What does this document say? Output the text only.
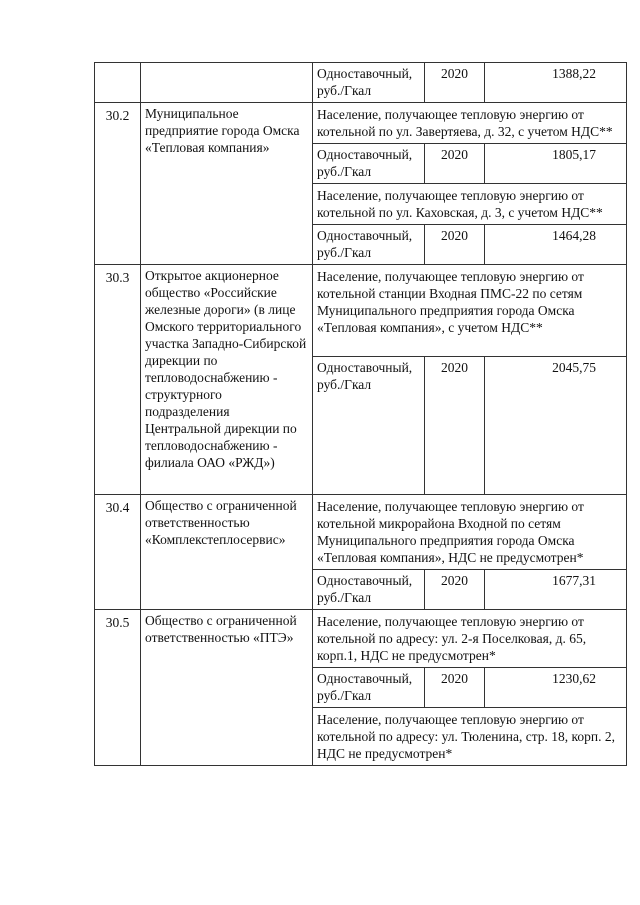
		Одноставочный, руб./Гкал	2020	1388,22
30.2	Муниципальное предприятие города Омска «Тепловая компания»	Население, получающее тепловую энергию от котельной по ул. Завертяева, д. 32, с учетом НДС**		
		Одноставочный, руб./Гкал	2020	1805,17
		Население, получающее тепловую энергию от котельной по ул. Каховская, д. 3, с учетом НДС**		
		Одноставочный, руб./Гкал	2020	1464,28
30.3	Открытое акционерное общество «Российские железные дороги» (в лице Омского территориального участка Западно-Сибирской дирекции по тепловодоснабжению - структурного подразделения Центральной дирекции по тепловодоснабжению - филиала ОАО «РЖД»)	Население, получающее тепловую энергию от котельной станции Входная ПМС-22 по сетям Муниципального предприятия города Омска «Тепловая компания», с учетом НДС**		
		Одноставочный, руб./Гкал	2020	2045,75
30.4	Общество с ограниченной ответственностью «Комплекстеплосервис»	Население, получающее тепловую энергию от котельной микрорайона Входной по сетям Муниципального предприятия города Омска «Тепловая компания», НДС не предусмотрен*		
		Одноставочный, руб./Гкал	2020	1677,31
30.5	Общество с ограниченной ответственностью «ПТЭ»	Население, получающее тепловую энергию от котельной по адресу: ул. 2-я Поселковая, д. 65, корп.1, НДС не предусмотрен*		
		Одноставочный, руб./Гкал	2020	1230,62
		Население, получающее тепловую энергию от котельной по адресу: ул. Тюленина, стр. 18, корп. 2, НДС не предусмотрен*		
